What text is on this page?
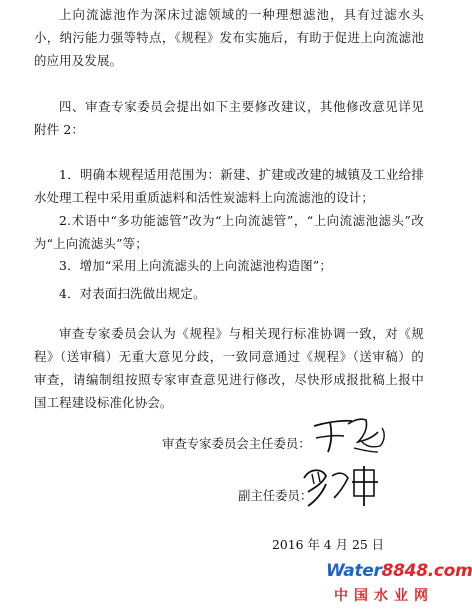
上向流滤池作为深床过滤领域的一种理想滤池，具有过滤水头小，纳污能力强等特点，《规程》发布实施后，有助于促进上向流滤池的应用及发展。

四、审查专家委员会提出如下主要修改建议，其他修改意见详见附件 2：

1．明确本规程适用范围为：新建、扩建或改建的城镇及工业给排水处理工程中采用重质滤料和活性炭滤料上向流滤池的设计；

2.术语中“多功能滤管”改为“上向流滤管”，“上向流滤池滤头”改为“上向流滤头”等；

3．增加“采用上向流滤头的上向流滤池构造图”；

4．对表面扫洗做出规定。

审查专家委员会认为《规程》与相关现行标准协调一致，对《规程》（送审稿）无重大意见分歧，一致同意通过《规程》（送审稿）的审查，请编制组按照专家审查意见进行修改，尽快形成报批稿上报中国工程建设标准化协会。

审查专家委员会主任委员：
副主任委员：
2016 年 4 月 25 日
Water8848.com
中国水业网
